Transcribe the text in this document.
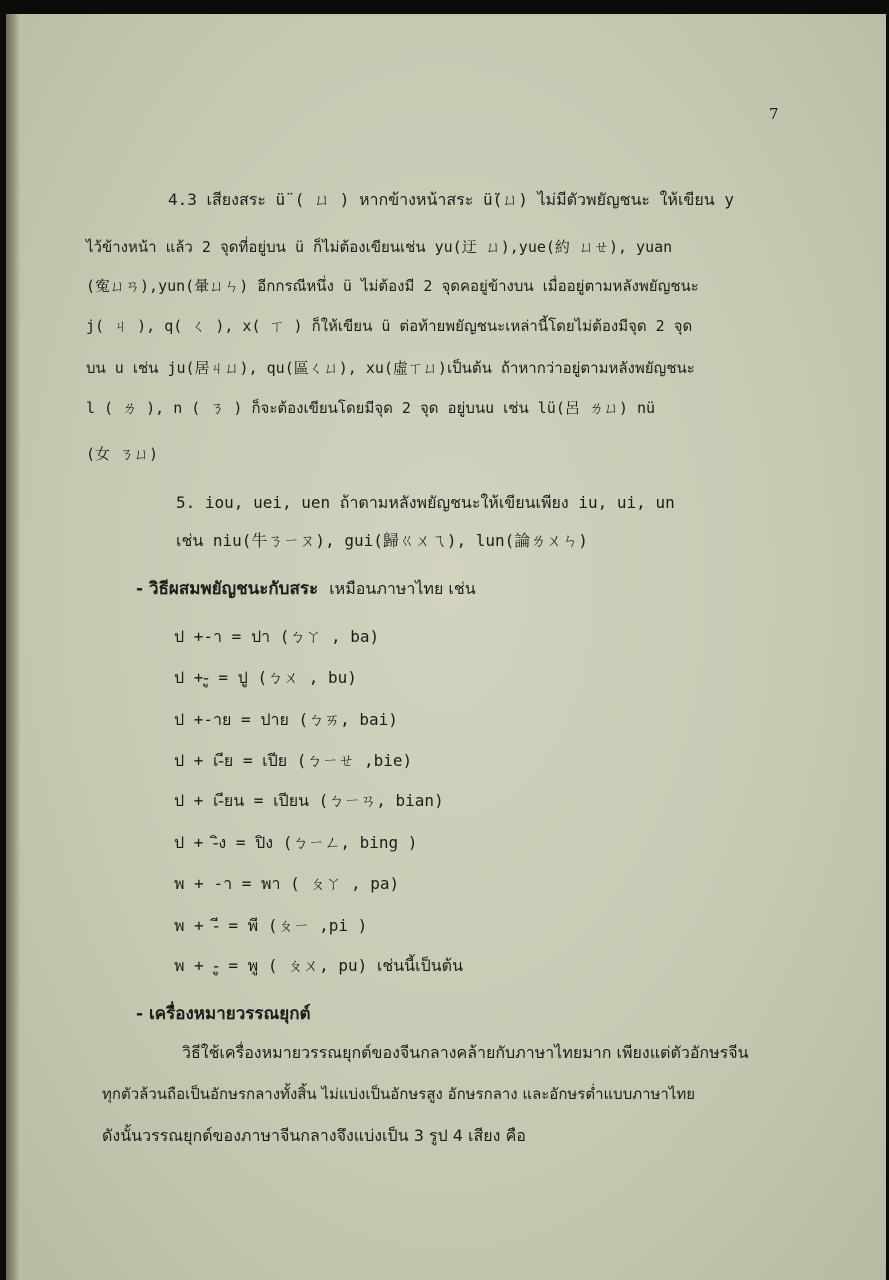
7
4.3 เสียงสระ ü̈ ( ㄩ ) หากข้างหน้าสระ ü̈(ㄩ) ไม่มีตัวพยัญชนะ ให้เขียน y
ไว้ข้างหน้า แล้ว 2 จุดที่อยู่บน ü ก็ไม่ต้องเขียนเช่น yu(迂 ㄩ),yue(約 ㄩㄝ), yuan
(寃ㄩㄢ),yun(暈ㄩㄣ) อีกกรณีหนึ่ง ü ไม่ต้องมี 2 จุดคอยู่ข้างบน เมื่ออยู่ตามหลังพยัญชนะ
j( ㄐ ), q( ㄑ ), x( ㄒ ) ก็ให้เขียน ü ต่อท้ายพยัญชนะเหล่านี้โดยไม่ต้องมีจุด 2 จุด
บน u เช่น ju(居ㄐㄩ), qu(區ㄑㄩ), xu(虛ㄒㄩ)เป็นต้น ถ้าหากว่าอยู่ตามหลังพยัญชนะ
l ( ㄌ ), n ( ㄋ ) ก็จะต้องเขียนโดยมีจุด 2 จุด อยู่บนu เช่น lü(呂 ㄌㄩ) nü
(女 ㄋㄩ)
5. iou, uei, uen ถ้าตามหลังพยัญชนะให้เขียนเพียง iu, ui, un
เช่น niu(牛ㄋㄧㄡ), gui(歸ㄍㄨㄟ), lun(論ㄌㄨㄣ)
- วิธีผสมพยัญชนะกับสระ เหมือนภาษาไทย เช่น
ป +-า = ปา (ㄅㄚ , ba)
ป +-ู = ปู (ㄅㄨ , bu)
ป +-าย = ปาย (ㄅㄞ, bai)
ป + เ-ีย = เปีย (ㄅㄧㄝ ,bie)
ป + เ-ียน = เปียน (ㄅㄧㄢ, bian)
ป + -ิง = ปิง (ㄅㄧㄥ, bing )
พ + -า = พา ( ㄆㄚ , pa)
พ + -ี = พี (ㄆㄧ ,pi )
พ + -ู = พู ( ㄆㄨ, pu) เช่นนี้เป็นต้น
- เครื่องหมายวรรณยุกต์
วิธีใช้เครื่องหมายวรรณยุกต์ของจีนกลางคล้ายกับภาษาไทยมาก เพียงแต่ตัวอักษรจีน
ทุกตัวล้วนถือเป็นอักษรกลางทั้งสิ้น ไม่แบ่งเป็นอักษรสูง อักษรกลาง และอักษรต่ำแบบภาษาไทย
ดังนั้นวรรณยุกต์ของภาษาจีนกลางจึงแบ่งเป็น 3 รูป 4 เสียง คือ
